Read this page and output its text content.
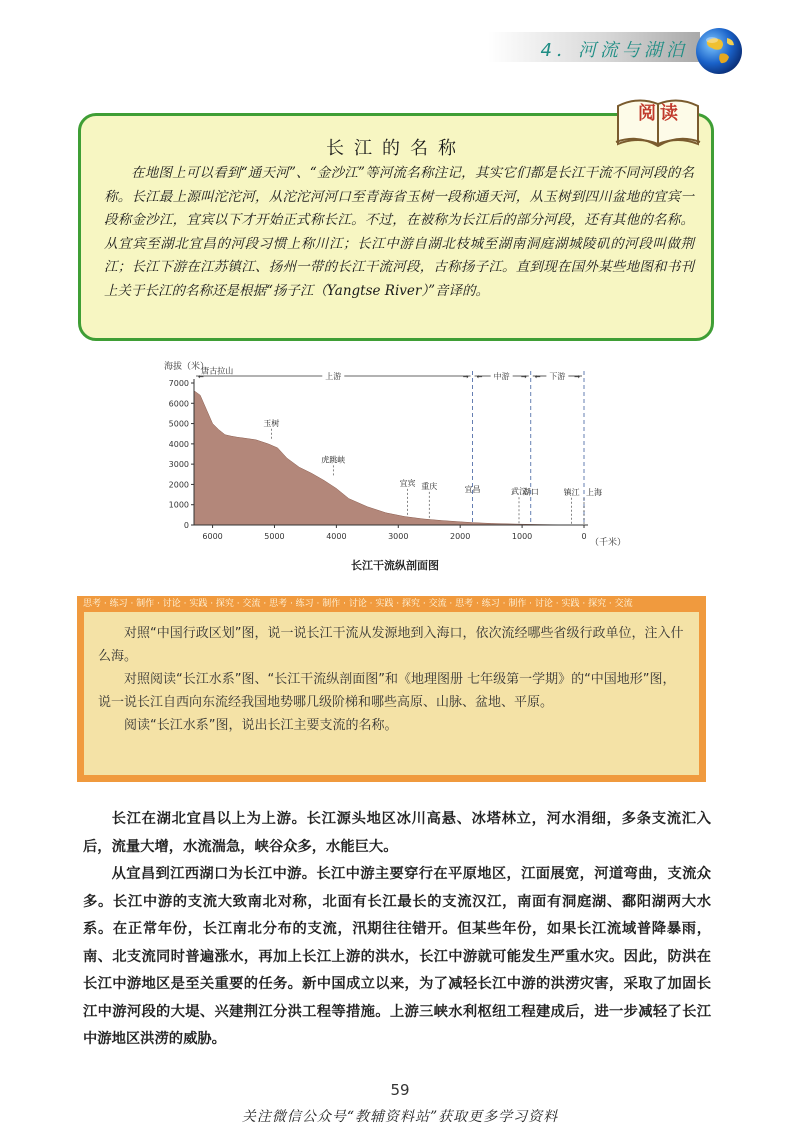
4．河流与湖泊
阅读
长江的名称
在地图上可以看到“通天河”、“金沙江”等河流名称注记，其实它们都是长江干流不同河段的名称。长江最上源叫沱沱河，从沱沱河河口至青海省玉树一段称通天河，从玉树到四川盆地的宜宾一段称金沙江，宜宾以下才开始正式称长江。不过，在被称为长江后的部分河段，还有其他的名称。从宜宾至湖北宜昌的河段习惯上称川江；长江中游自湖北枝城至湖南洞庭湖城陵矶的河段叫做荆江；长江下游在江苏镇江、扬州一带的长江干流河段，古称扬子江。直到现在国外某些地图和书刊上关于长江的名称还是根据“扬子江（Yangtse River）”音译的。
海拔（米）
0
1000
2000
3000
4000
5000
6000
7000
6000	5000	4000	3000	2000	1000	0
上游
←	→	中游
←	→	下游
←	→
唐古拉山
玉树
虎跳峡
宜宾 重庆	宜昌	武汉
湖口	镇江 上海
（千米）
长江干流纵剖面图
思考 · 练习 · 制作 · 讨论 · 实践 · 探究 · 交流 · 思考 · 练习 · 制作 · 讨论 · 实践 · 探究 · 交流 · 思考 · 练习 · 制作 · 讨论 · 实践 · 探究 · 交流

对照“中国行政区划”图，说一说长江干流从发源地到入海口，依次流经哪些省级行政单位，注入什么海。

对照阅读“长江水系”图、“长江干流纵剖面图”和《地理图册 七年级第一学期》的“中国地形”图，说一说长江自西向东流经我国地势哪几级阶梯和哪些高原、山脉、盆地、平原。

阅读“长江水系”图，说出长江主要支流的名称。

长江在湖北宜昌以上为上游。长江源头地区冰川高悬、冰塔林立，河水涓细，多条支流汇入后，流量大增，水流湍急，峡谷众多，水能巨大。

从宜昌到江西湖口为长江中游。长江中游主要穿行在平原地区，江面展宽，河道弯曲，支流众多。长江中游的支流大致南北对称，北面有长江最长的支流汉江，南面有洞庭湖、鄱阳湖两大水系。在正常年份，长江南北分布的支流，汛期往往错开。但某些年份，如果长江流域普降暴雨，南、北支流同时普遍涨水，再加上长江上游的洪水，长江中游就可能发生严重水灾。因此，防洪在长江中游地区是至关重要的任务。新中国成立以来，为了减轻长江中游的洪涝灾害，采取了加固长江中游河段的大堤、兴建荆江分洪工程等措施。上游三峡水利枢纽工程建成后，进一步减轻了长江中游地区洪涝的威胁。

59
关注微信公众号“教辅资料站”获取更多学习资料
